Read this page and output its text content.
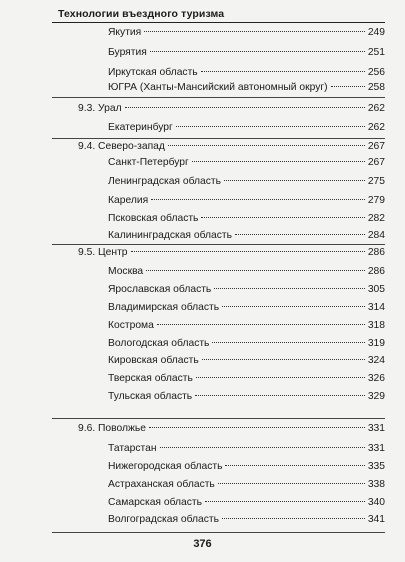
Технологии въездного туризма
Якутия	249
Бурятия	251
Иркутская область	256
ЮГРА (Ханты-Мансийский автономный округ)	258
9.3. Урал	262
Екатеринбург	262
9.4. Северо-запад	267
Санкт-Петербург	267
Ленинградская область	275
Карелия	279
Псковская область	282
Калининградская область	284
9.5. Центр	286
Москва	286
Ярославская область	305
Владимирская область	314
Кострома	318
Вологодская область	319
Кировская область	324
Тверская область	326
Тульская область	329
9.6. Поволжье	331
Татарстан	331
Нижегородская область	335
Астраханская область	338
Самарская область	340
Волгоградская область	341
376
